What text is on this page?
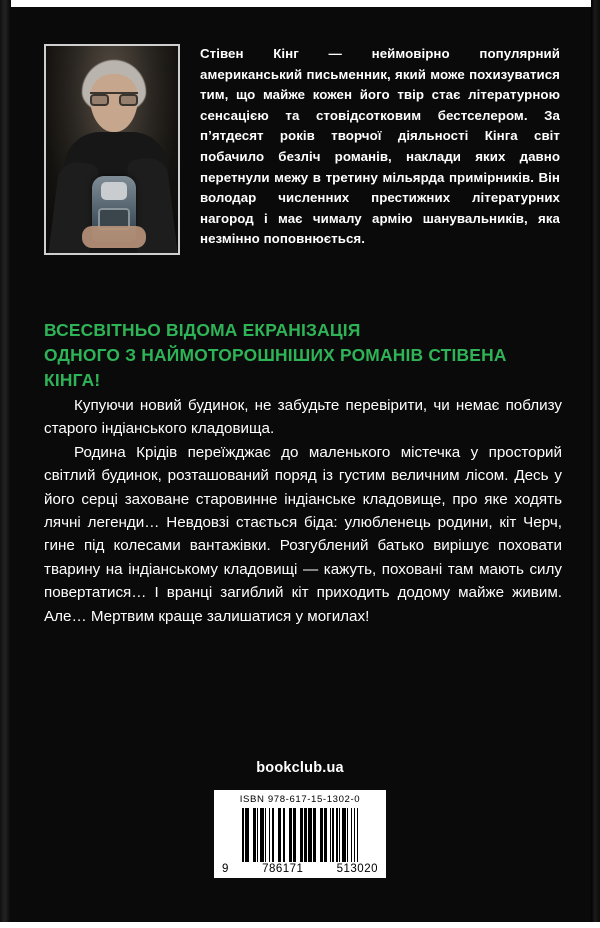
Стівен Кінг — неймовірно популярний американський письменник, який може похизуватися тим, що майже кожен його твір стає літературною сенсацією та стовідсотковим бестселером. За п’ятдесят років творчої діяльності Кінга світ побачило безліч романів, наклади яких давно перетнули межу в третину мільярда примірників. Він володар численних престижних літературних нагород і має чималу армію шанувальників, яка незмінно поповнюється.
ВСЕСВІТНЬО ВІДОМА ЕКРАНІЗАЦІЯ
ОДНОГО З НАЙМОТОРОШНІШИХ РОМАНІВ СТІВЕНА КІНГА!

Купуючи новий будинок, не забудьте перевірити, чи немає поблизу старого індіанського кладовища.

Родина Крідів переїжджає до маленького містечка у просторий світлий будинок, розташований поряд із густим величним лісом. Десь у його серці заховане старовинне індіанське кладовище, про яке ходять лячні легенди… Невдовзі стається біда: улюбленець родини, кіт Черч, гине під колесами вантажівки. Розгублений батько вирішує поховати тварину на індіанському кладовищі — кажуть, поховані там мають силу повертатися… І вранці загиблий кіт приходить додому майже живим. Але… Мертвим краще залишатися у могилах!

bookclub.ua
ISBN 978-617-15-1302-0
9	786171	513020
